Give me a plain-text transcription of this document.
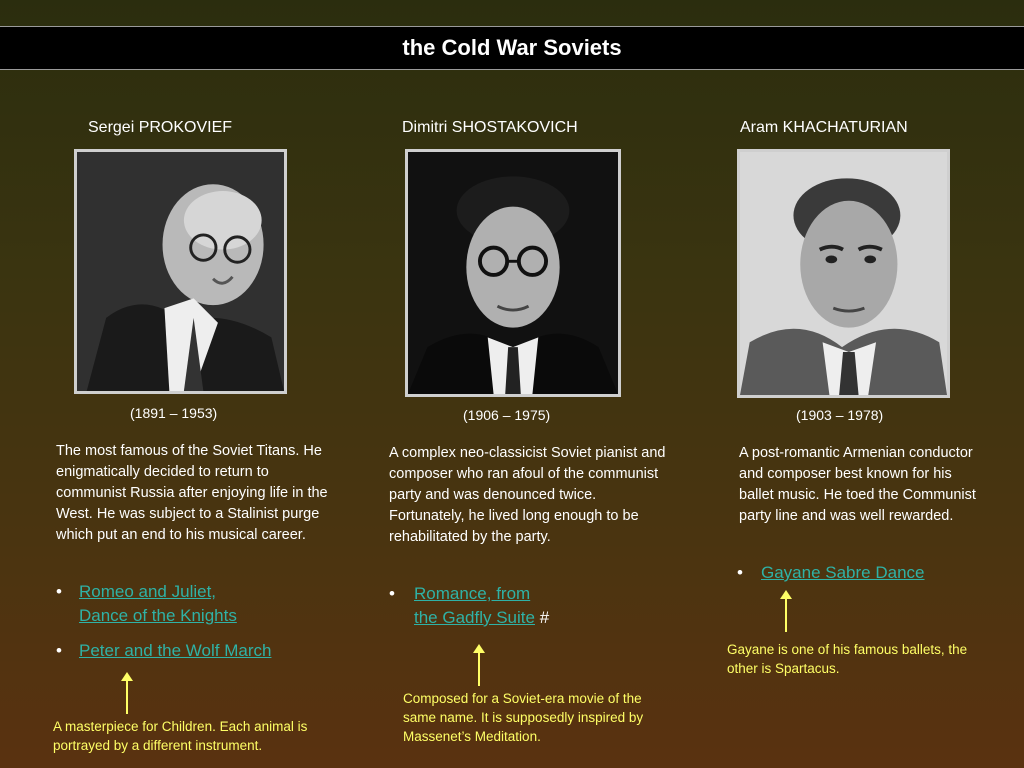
the Cold War Soviets
Sergei PROKOVIEF
(1891 – 1953)
The most famous of the Soviet Titans. He enigmatically decided to return to communist Russia after enjoying life in the West. He was subject to a Stalinist purge which put an end to his musical career.
• Romeo and Juliet,
Dance of the Knights
• Peter and the Wolf March
A masterpiece for Children. Each animal is portrayed by a different instrument.
Dimitri SHOSTAKOVICH
(1906 – 1975)
A complex neo-classicist Soviet pianist and composer who ran afoul of the communist party and was denounced twice. Fortunately, he lived long enough to be rehabilitated by the party.
• Romance, from
the Gadfly Suite #
Composed for a Soviet-era movie of the same name. It is supposedly inspired by Massenet’s Meditation.
Aram KHACHATURIAN
(1903 – 1978)
A post-romantic Armenian conductor and composer best known for his ballet music. He toed the Communist party line and was well rewarded.
• Gayane Sabre Dance
Gayane is one of his famous ballets, the other is Spartacus.
